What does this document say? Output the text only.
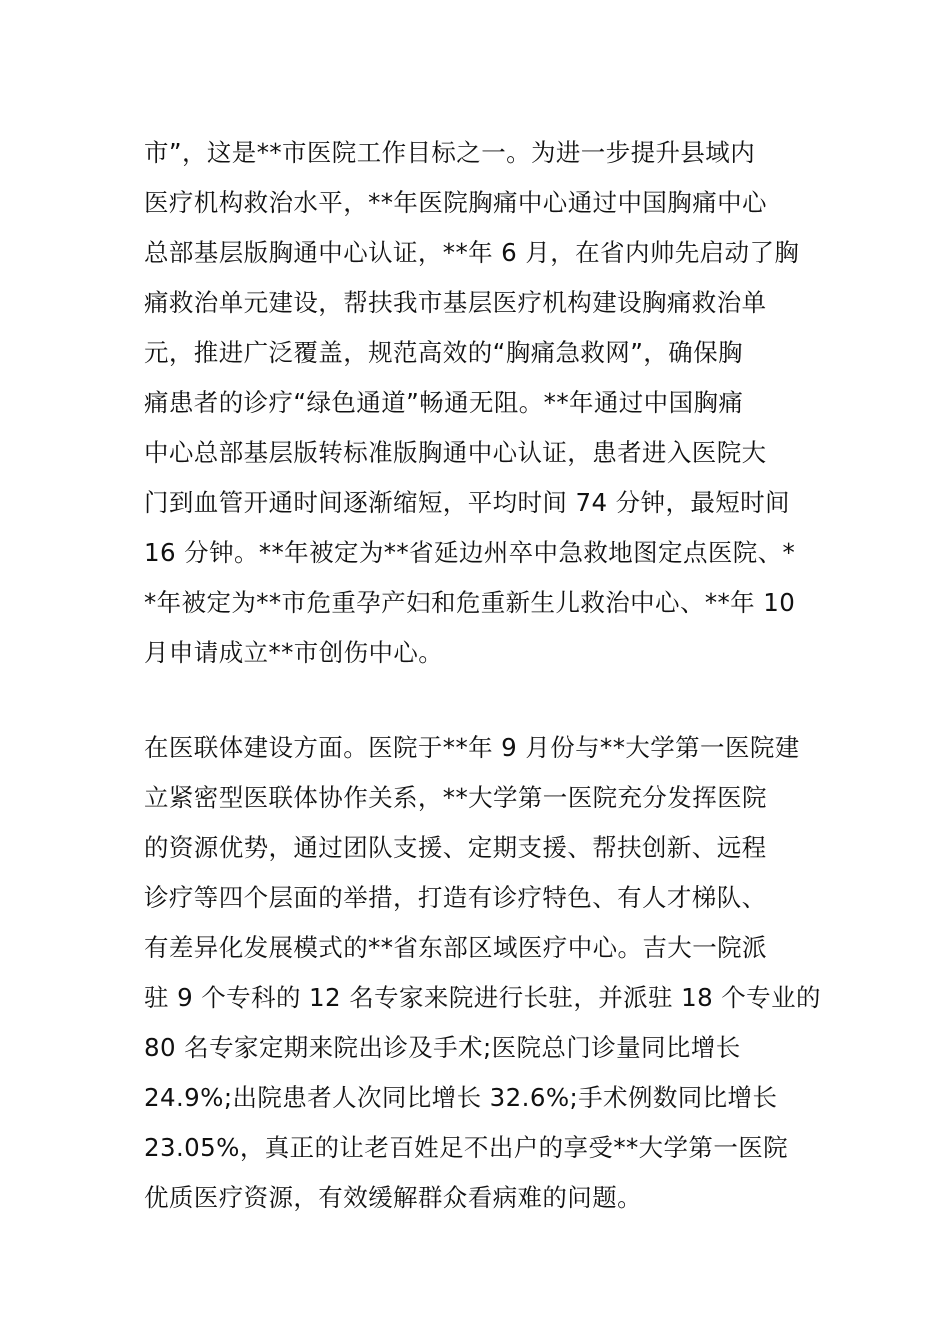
市”，这是**市医院工作目标之一。为进一步提升县域内
医疗机构救治水平，**年医院胸痛中心通过中国胸痛中心
总部基层版胸通中心认证，**年 6 月，在省内帅先启动了胸
痛救治单元建设，帮扶我市基层医疗机构建设胸痛救治单
元，推进广泛覆盖，规范高效的“胸痛急救网”，确保胸
痛患者的诊疗“绿色通道”畅通无阻。**年通过中国胸痛
中心总部基层版转标准版胸通中心认证，患者进入医院大
门到血管开通时间逐渐缩短，平均时间 74 分钟，最短时间
16 分钟。**年被定为**省延边州卒中急救地图定点医院、*
*年被定为**市危重孕产妇和危重新生儿救治中心、**年 10
月申请成立**市创伤中心。
在医联体建设方面。医院于**年 9 月份与**大学第一医院建
立紧密型医联体协作关系，**大学第一医院充分发挥医院
的资源优势，通过团队支援、定期支援、帮扶创新、远程
诊疗等四个层面的举措，打造有诊疗特色、有人才梯队、
有差异化发展模式的**省东部区域医疗中心。吉大一院派
驻 9 个专科的 12 名专家来院进行长驻，并派驻 18 个专业的
80 名专家定期来院出诊及手术;医院总门诊量同比增长
24.9%;出院患者人次同比增长 32.6%;手术例数同比增长
23.05%，真正的让老百姓足不出户的享受**大学第一医院
优质医疗资源，有效缓解群众看病难的问题。
